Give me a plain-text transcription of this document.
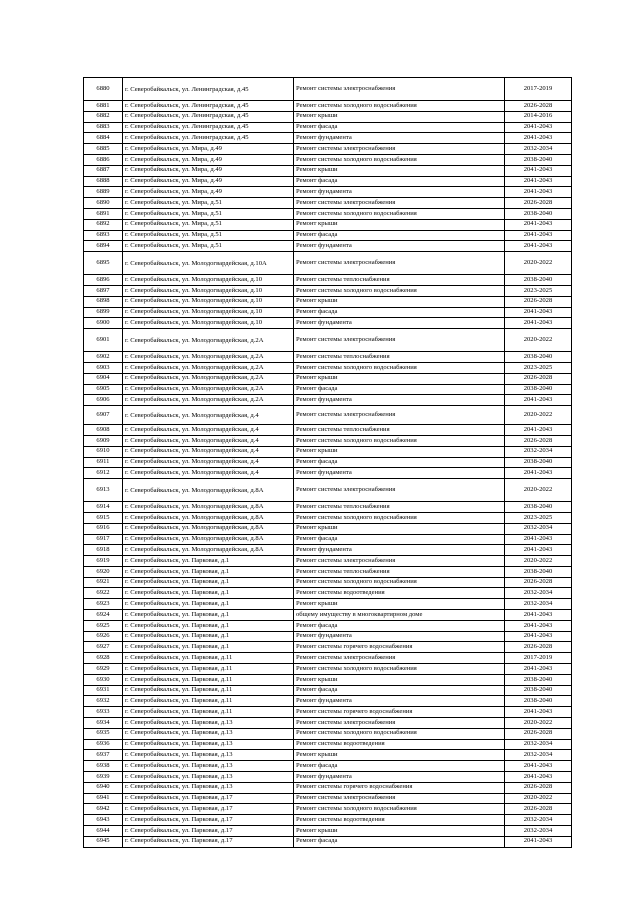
6880	г. Северобайкальск, ул. Ленинградская, д.45	Ремонт системы электроснабжения	2017-2019
6881	г. Северобайкальск, ул. Ленинградская, д.45	Ремонт системы холодного водоснабжения	2026-2028
6882	г. Северобайкальск, ул. Ленинградская, д.45	Ремонт крыши	2014-2016
6883	г. Северобайкальск, ул. Ленинградская, д.45	Ремонт фасада	2041-2043
6884	г. Северобайкальск, ул. Ленинградская, д.45	Ремонт фундамента	2041-2043
6885	г. Северобайкальск, ул. Мира, д.49	Ремонт системы электроснабжения	2032-2034
6886	г. Северобайкальск, ул. Мира, д.49	Ремонт системы холодного водоснабжения	2038-2040
6887	г. Северобайкальск, ул. Мира, д.49	Ремонт крыши	2041-2043
6888	г. Северобайкальск, ул. Мира, д.49	Ремонт фасада	2041-2043
6889	г. Северобайкальск, ул. Мира, д.49	Ремонт фундамента	2041-2043
6890	г. Северобайкальск, ул. Мира, д.51	Ремонт системы электроснабжения	2026-2028
6891	г. Северобайкальск, ул. Мира, д.51	Ремонт системы холодного водоснабжения	2038-2040
6892	г. Северобайкальск, ул. Мира, д.51	Ремонт крыши	2041-2043
6893	г. Северобайкальск, ул. Мира, д.51	Ремонт фасада	2041-2043
6894	г. Северобайкальск, ул. Мира, д.51	Ремонт фундамента	2041-2043
6895	г. Северобайкальск, ул. Молодогвардейская, д.10А	Ремонт системы электроснабжения	2020-2022
6896	г. Северобайкальск, ул. Молодогвардейская, д.10	Ремонт системы теплоснабжения	2038-2040
6897	г. Северобайкальск, ул. Молодогвардейская, д.10	Ремонт системы холодного водоснабжения	2023-2025
6898	г. Северобайкальск, ул. Молодогвардейская, д.10	Ремонт крыши	2026-2028
6899	г. Северобайкальск, ул. Молодогвардейская, д.10	Ремонт фасада	2041-2043
6900	г. Северобайкальск, ул. Молодогвардейская, д.10	Ремонт фундамента	2041-2043
6901	г. Северобайкальск, ул. Молодогвардейская, д.2А	Ремонт системы электроснабжения	2020-2022
6902	г. Северобайкальск, ул. Молодогвардейская, д.2А	Ремонт системы теплоснабжения	2038-2040
6903	г. Северобайкальск, ул. Молодогвардейская, д.2А	Ремонт системы холодного водоснабжения	2023-2025
6904	г. Северобайкальск, ул. Молодогвардейская, д.2А	Ремонт крыши	2026-2028
6905	г. Северобайкальск, ул. Молодогвардейская, д.2А	Ремонт фасада	2038-2040
6906	г. Северобайкальск, ул. Молодогвардейская, д.2А	Ремонт фундамента	2041-2043
6907	г. Северобайкальск, ул. Молодогвардейская, д.4	Ремонт системы электроснабжения	2020-2022
6908	г. Северобайкальск, ул. Молодогвардейская, д.4	Ремонт системы теплоснабжения	2041-2043
6909	г. Северобайкальск, ул. Молодогвардейская, д.4	Ремонт системы холодного водоснабжения	2026-2028
6910	г. Северобайкальск, ул. Молодогвардейская, д.4	Ремонт крыши	2032-2034
6911	г. Северобайкальск, ул. Молодогвардейская, д.4	Ремонт фасада	2038-2040
6912	г. Северобайкальск, ул. Молодогвардейская, д.4	Ремонт фундамента	2041-2043
6913	г. Северобайкальск, ул. Молодогвардейская, д.8А	Ремонт системы электроснабжения	2020-2022
6914	г. Северобайкальск, ул. Молодогвардейская, д.8А	Ремонт системы теплоснабжения	2038-2040
6915	г. Северобайкальск, ул. Молодогвардейская, д.8А	Ремонт системы холодного водоснабжения	2023-2025
6916	г. Северобайкальск, ул. Молодогвардейская, д.8А	Ремонт крыши	2032-2034
6917	г. Северобайкальск, ул. Молодогвардейская, д.8А	Ремонт фасада	2041-2043
6918	г. Северобайкальск, ул. Молодогвардейская, д.8А	Ремонт фундамента	2041-2043
6919	г. Северобайкальск, ул. Парковая, д.1	Ремонт системы электроснабжения	2020-2022
6920	г. Северобайкальск, ул. Парковая, д.1	Ремонт системы теплоснабжения	2038-2040
6921	г. Северобайкальск, ул. Парковая, д.1	Ремонт системы холодного водоснабжения	2026-2028
6922	г. Северобайкальск, ул. Парковая, д.1	Ремонт системы водоотведения	2032-2034
6923	г. Северобайкальск, ул. Парковая, д.1	Ремонт крыши	2032-2034
6924	г. Северобайкальск, ул. Парковая, д.1	общему имуществу в многоквартирном доме	2041-2043
6925	г. Северобайкальск, ул. Парковая, д.1	Ремонт фасада	2041-2043
6926	г. Северобайкальск, ул. Парковая, д.1	Ремонт фундамента	2041-2043
6927	г. Северобайкальск, ул. Парковая, д.1	Ремонт системы горячего водоснабжения	2026-2028
6928	г. Северобайкальск, ул. Парковая, д.11	Ремонт системы электроснабжения	2017-2019
6929	г. Северобайкальск, ул. Парковая, д.11	Ремонт системы холодного водоснабжения	2041-2043
6930	г. Северобайкальск, ул. Парковая, д.11	Ремонт крыши	2038-2040
6931	г. Северобайкальск, ул. Парковая, д.11	Ремонт фасада	2038-2040
6932	г. Северобайкальск, ул. Парковая, д.11	Ремонт фундамента	2038-2040
6933	г. Северобайкальск, ул. Парковая, д.11	Ремонт системы горячего водоснабжения	2041-2043
6934	г. Северобайкальск, ул. Парковая, д.13	Ремонт системы электроснабжения	2020-2022
6935	г. Северобайкальск, ул. Парковая, д.13	Ремонт системы холодного водоснабжения	2026-2028
6936	г. Северобайкальск, ул. Парковая, д.13	Ремонт системы водоотведения	2032-2034
6937	г. Северобайкальск, ул. Парковая, д.13	Ремонт крыши	2032-2034
6938	г. Северобайкальск, ул. Парковая, д.13	Ремонт фасада	2041-2043
6939	г. Северобайкальск, ул. Парковая, д.13	Ремонт фундамента	2041-2043
6940	г. Северобайкальск, ул. Парковая, д.13	Ремонт системы горячего водоснабжения	2026-2028
6941	г. Северобайкальск, ул. Парковая, д.17	Ремонт системы электроснабжения	2020-2022
6942	г. Северобайкальск, ул. Парковая, д.17	Ремонт системы холодного водоснабжения	2026-2028
6943	г. Северобайкальск, ул. Парковая, д.17	Ремонт системы водоотведения	2032-2034
6944	г. Северобайкальск, ул. Парковая, д.17	Ремонт крыши	2032-2034
6945	г. Северобайкальск, ул. Парковая, д.17	Ремонт фасада	2041-2043
